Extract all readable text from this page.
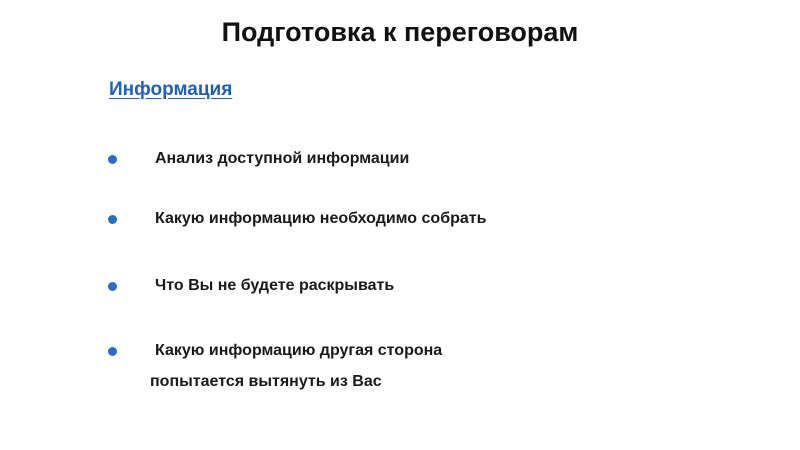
Подготовка к переговорам
Информация
Анализ доступной информации
Какую информацию необходимо собрать
Что Вы не будете раскрывать
Какую информацию другая сторона
попытается вытянуть из Вас
